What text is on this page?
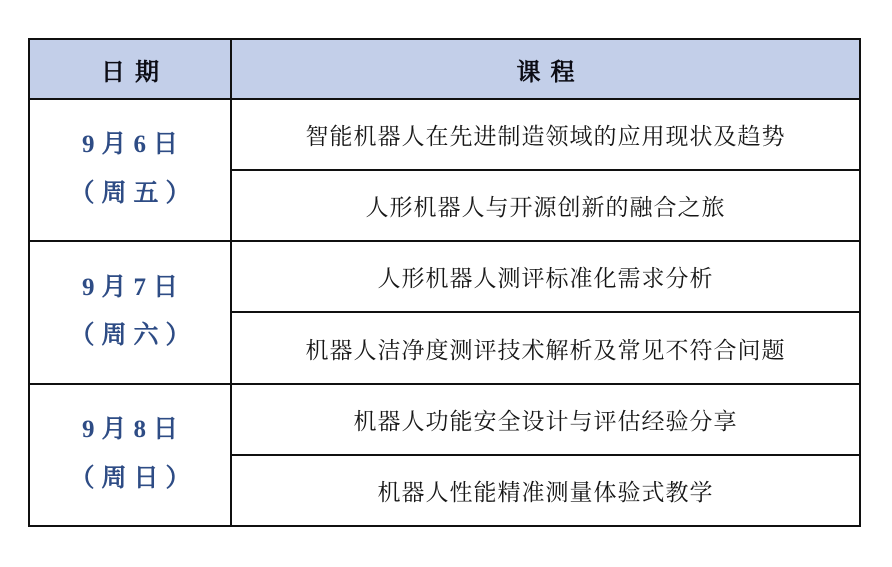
日期	课程

9月6日
（周五）	智能机器人在先进制造领域的应用现状及趋势
	人形机器人与开源创新的融合之旅

9月7日
（周六）	人形机器人测评标准化需求分析
	机器人洁净度测评技术解析及常见不符合问题

9月8日
（周日）	机器人功能安全设计与评估经验分享
	机器人性能精准测量体验式教学
